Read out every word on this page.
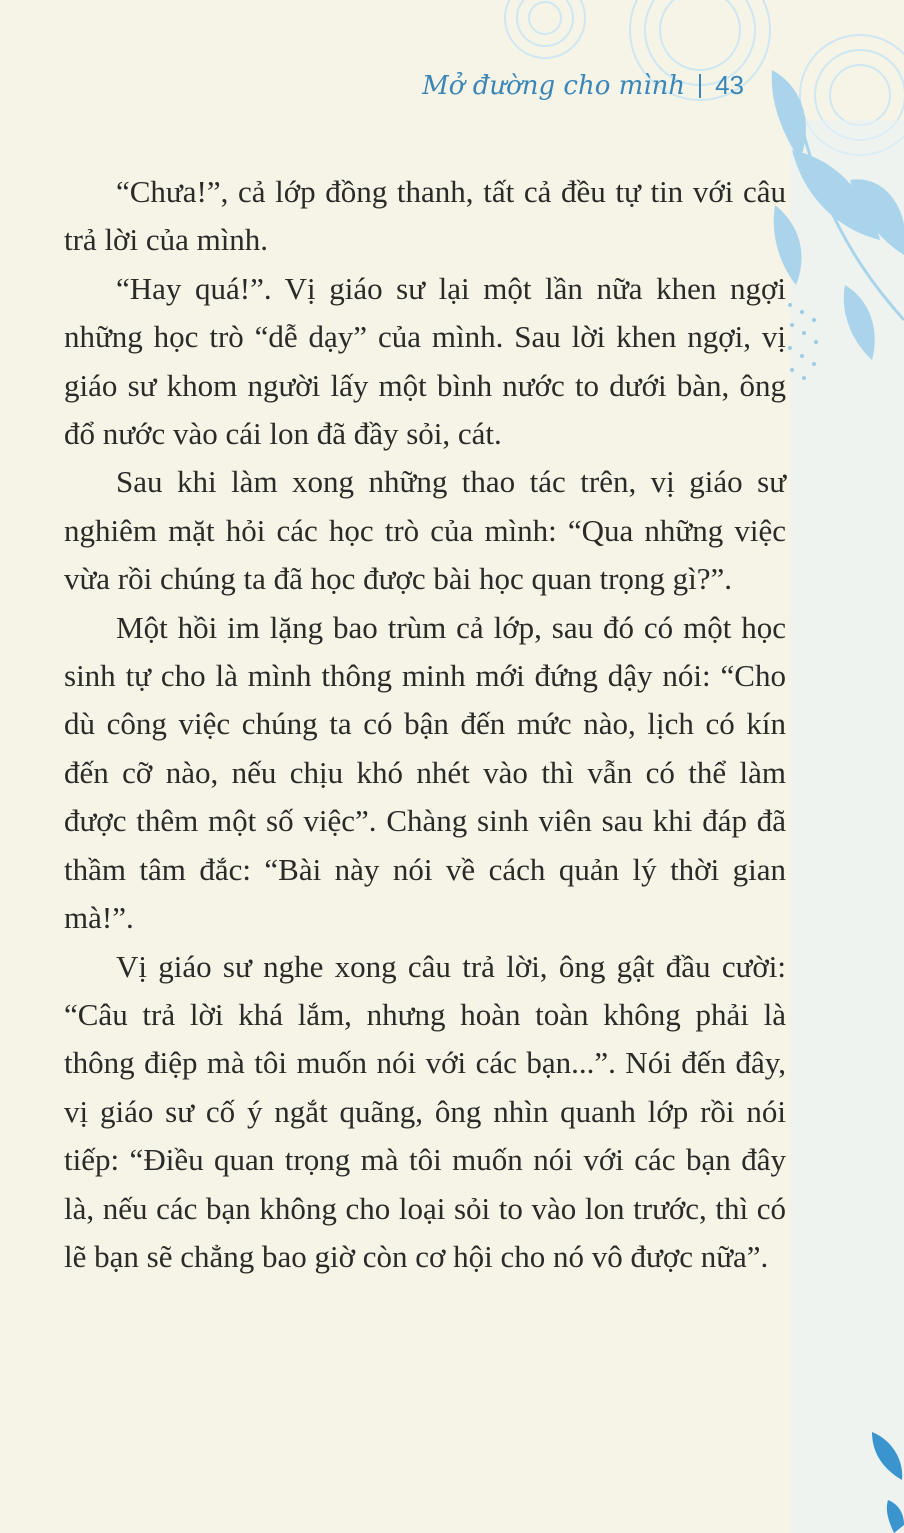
Mở đường cho mình 43

“Chưa!”, cả lớp đồng thanh, tất cả đều tự tin với câu trả lời của mình.

“Hay quá!”. Vị giáo sư lại một lần nữa khen ngợi những học trò “dễ dạy” của mình. Sau lời khen ngợi, vị giáo sư khom người lấy một bình nước to dưới bàn, ông đổ nước vào cái lon đã đầy sỏi, cát.

Sau khi làm xong những thao tác trên, vị giáo sư nghiêm mặt hỏi các học trò của mình: “Qua những việc vừa rồi chúng ta đã học được bài học quan trọng gì?”.

Một hồi im lặng bao trùm cả lớp, sau đó có một học sinh tự cho là mình thông minh mới đứng dậy nói: “Cho dù công việc chúng ta có bận đến mức nào, lịch có kín đến cỡ nào, nếu chịu khó nhét vào thì vẫn có thể làm được thêm một số việc”. Chàng sinh viên sau khi đáp đã thầm tâm đắc: “Bài này nói về cách quản lý thời gian mà!”.

Vị giáo sư nghe xong câu trả lời, ông gật đầu cười: “Câu trả lời khá lắm, nhưng hoàn toàn không phải là thông điệp mà tôi muốn nói với các bạn...”. Nói đến đây, vị giáo sư cố ý ngắt quãng, ông nhìn quanh lớp rồi nói tiếp: “Điều quan trọng mà tôi muốn nói với các bạn đây là, nếu các bạn không cho loại sỏi to vào lon trước, thì có lẽ bạn sẽ chẳng bao giờ còn cơ hội cho nó vô được nữa”.
